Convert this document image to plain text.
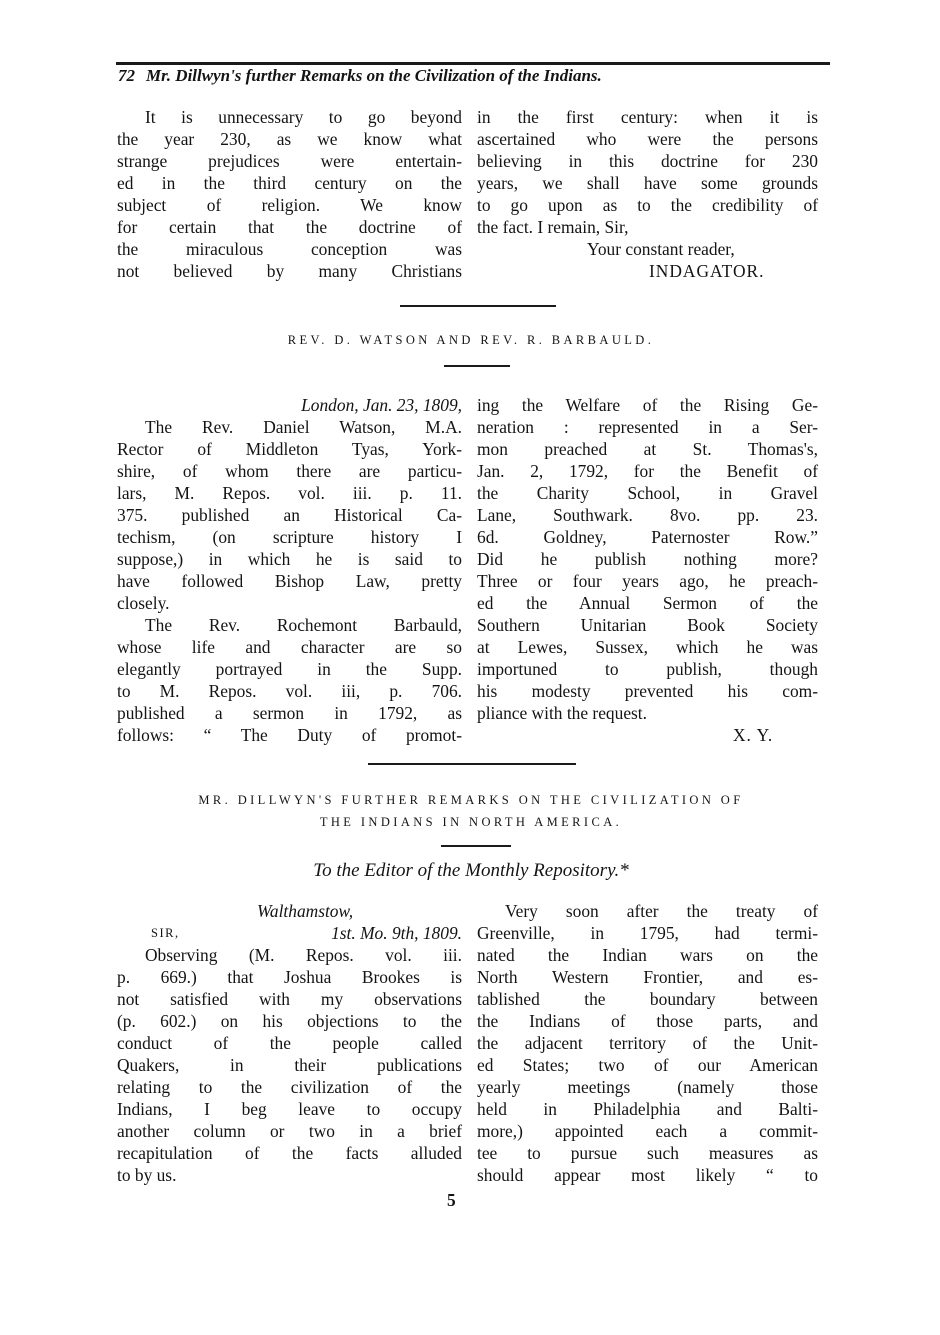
72 Mr. Dillwyn's further Remarks on the Civilization of the Indians.
It is unnecessary to go beyond
the year 230, as we know what
strange prejudices were entertain-
ed in the third century on the
subject of religion. We know
for certain that the doctrine of
the miraculous conception was
not believed by many Christians
in the first century: when it is
ascertained who were the persons
believing in this doctrine for 230
years, we shall have some grounds
to go upon as to the credibility of
the fact. I remain, Sir,
Your constant reader,
INDAGATOR.
REV. D. WATSON AND REV. R. BARBAULD.
London, Jan. 23, 1809,
The Rev. Daniel Watson, M.A.
Rector of Middleton Tyas, York-
shire, of whom there are particu-
lars, M. Repos. vol. iii. p. 11.
375. published an Historical Ca-
techism, (on scripture history I
suppose,) in which he is said to
have followed Bishop Law, pretty
closely.
The Rev. Rochemont Barbauld,
whose life and character are so
elegantly portrayed in the Supp.
to M. Repos. vol. iii, p. 706.
published a sermon in 1792, as
follows: “ The Duty of promot-
ing the Welfare of the Rising Ge-
neration : represented in a Ser-
mon preached at St. Thomas's,
Jan. 2, 1792, for the Benefit of
the Charity School, in Gravel
Lane, Southwark. 8vo. pp. 23.
6d. Goldney, Paternoster Row.”
Did he publish nothing more?
Three or four years ago, he preach-
ed the Annual Sermon of the
Southern Unitarian Book Society
at Lewes, Sussex, which he was
importuned to publish, though
his modesty prevented his com-
pliance with the request.
X. Y.
MR. DILLWYN'S FURTHER REMARKS ON THE CIVILIZATION OF
THE INDIANS IN NORTH AMERICA.
To the Editor of the Monthly Repository.*
Walthamstow,
SIR,	1st. Mo. 9th, 1809.
Observing (M. Repos. vol. iii.
p. 669.) that Joshua Brookes is
not satisfied with my observations
(p. 602.) on his objections to the
conduct of the people called
Quakers, in their publications
relating to the civilization of the
Indians, I beg leave to occupy
another column or two in a brief
recapitulation of the facts alluded
to by us.
Very soon after the treaty of
Greenville, in 1795, had termi-
nated the Indian wars on the
North Western Frontier, and es-
tablished the boundary between
the Indians of those parts, and
the adjacent territory of the Unit-
ed States; two of our American
yearly meetings (namely those
held in Philadelphia and Balti-
more,) appointed each a commit-
tee to pursue such measures as
should appear most likely “ to
5
